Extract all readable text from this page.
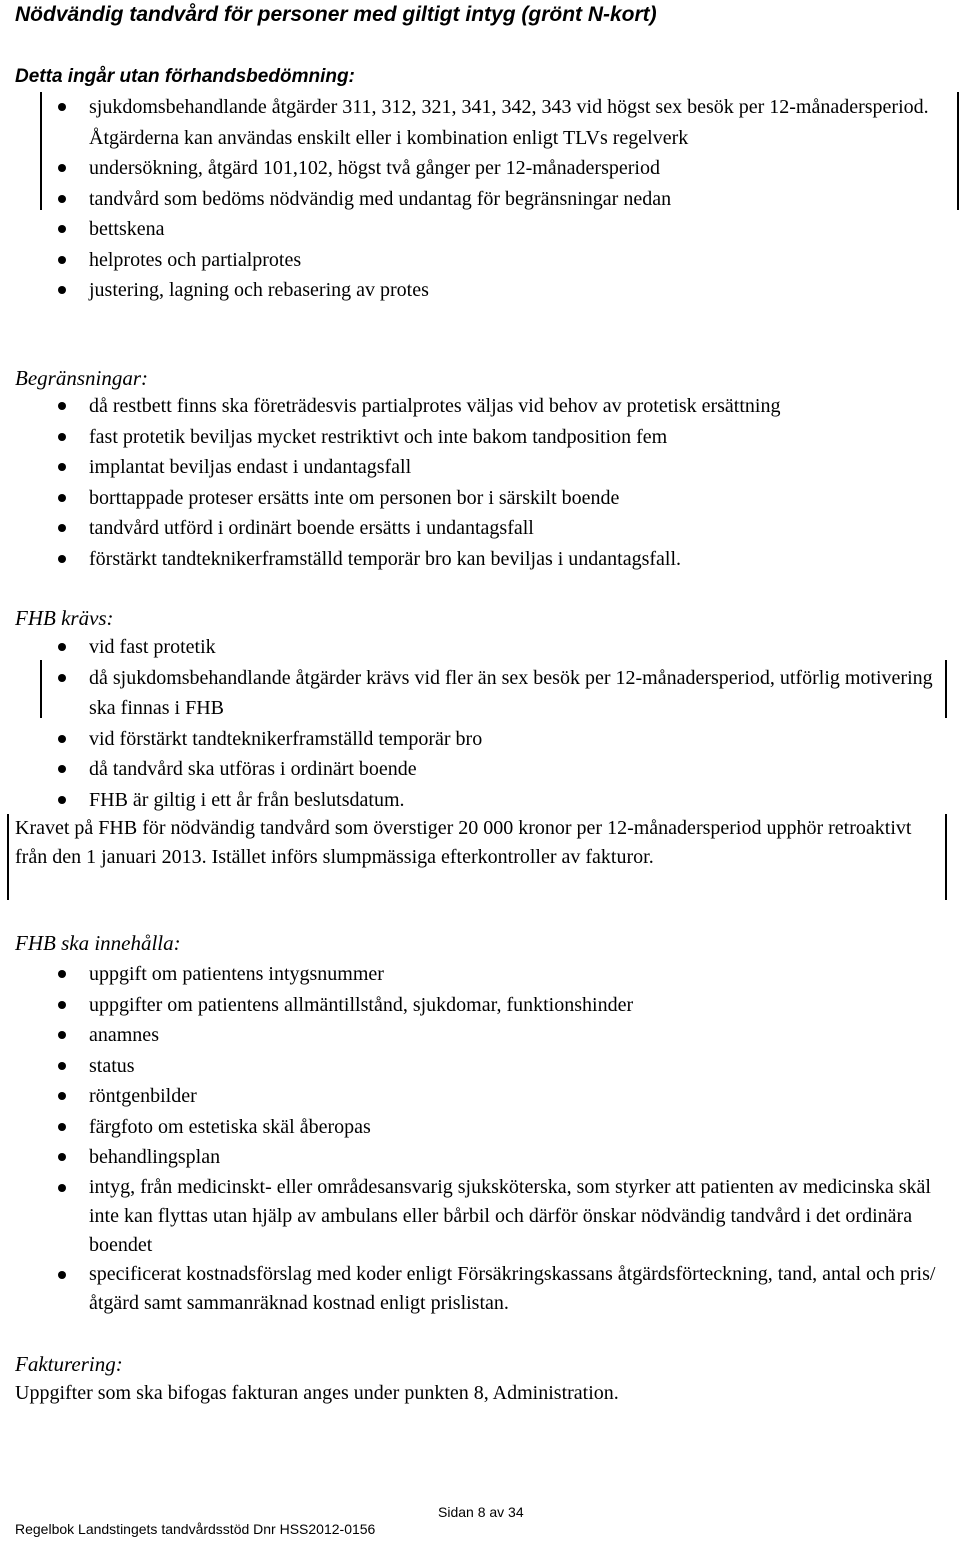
Nödvändig tandvård för personer med giltigt intyg (grönt N-kort)
Detta ingår utan förhandsbedömning:
sjukdomsbehandlande åtgärder 311, 312, 321, 341, 342, 343 vid högst sex besök per 12-månadersperiod. Åtgärderna kan användas enskilt eller i kombination enligt TLVs regelverk
undersökning, åtgärd 101,102, högst två gånger per 12-månadersperiod
tandvård som bedöms nödvändig med undantag för begränsningar nedan
bettskena
helprotes och partialprotes
justering, lagning och rebasering av protes
Begränsningar:
då restbett finns ska företrädesvis partialprotes väljas vid behov av protetisk ersättning
fast protetik beviljas mycket restriktivt och inte bakom tandposition fem
implantat beviljas endast i undantagsfall
borttappade proteser ersätts inte om personen bor i särskilt boende
tandvård utförd i ordinärt boende ersätts i undantagsfall
förstärkt tandteknikerframställd temporär bro kan beviljas i undantagsfall.
FHB krävs:
vid fast protetik
då sjukdomsbehandlande åtgärder krävs vid fler än sex besök per 12-månadersperiod, utförlig motivering ska finnas i FHB
vid förstärkt tandteknikerframställd temporär bro
då tandvård ska utföras i ordinärt boende
FHB är giltig i ett år från beslutsdatum.

Kravet på FHB för nödvändig tandvård som överstiger 20 000 kronor per 12-månadersperiod upphör retroaktivt från den 1 januari 2013. Istället införs slumpmässiga efterkontroller av fakturor.

FHB ska innehålla:
uppgift om patientens intygsnummer
uppgifter om patientens allmäntillstånd, sjukdomar, funktionshinder
anamnes
status
röntgenbilder
färgfoto om estetiska skäl åberopas
behandlingsplan
intyg, från medicinskt- eller områdesansvarig sjuksköterska, som styrker att patienten av medicinska skäl inte kan flyttas utan hjälp av ambulans eller bårbil och därför önskar nödvändig tandvård i det ordinära boendet
specificerat kostnadsförslag med koder enligt Försäkringskassans åtgärdsförteckning, tand, antal och pris/åtgärd samt sammanräknad kostnad enligt prislistan.
Fakturering:

Uppgifter som ska bifogas fakturan anges under punkten 8, Administration.

Sidan 8 av 34
Regelbok Landstingets tandvårdsstöd Dnr HSS2012-0156
